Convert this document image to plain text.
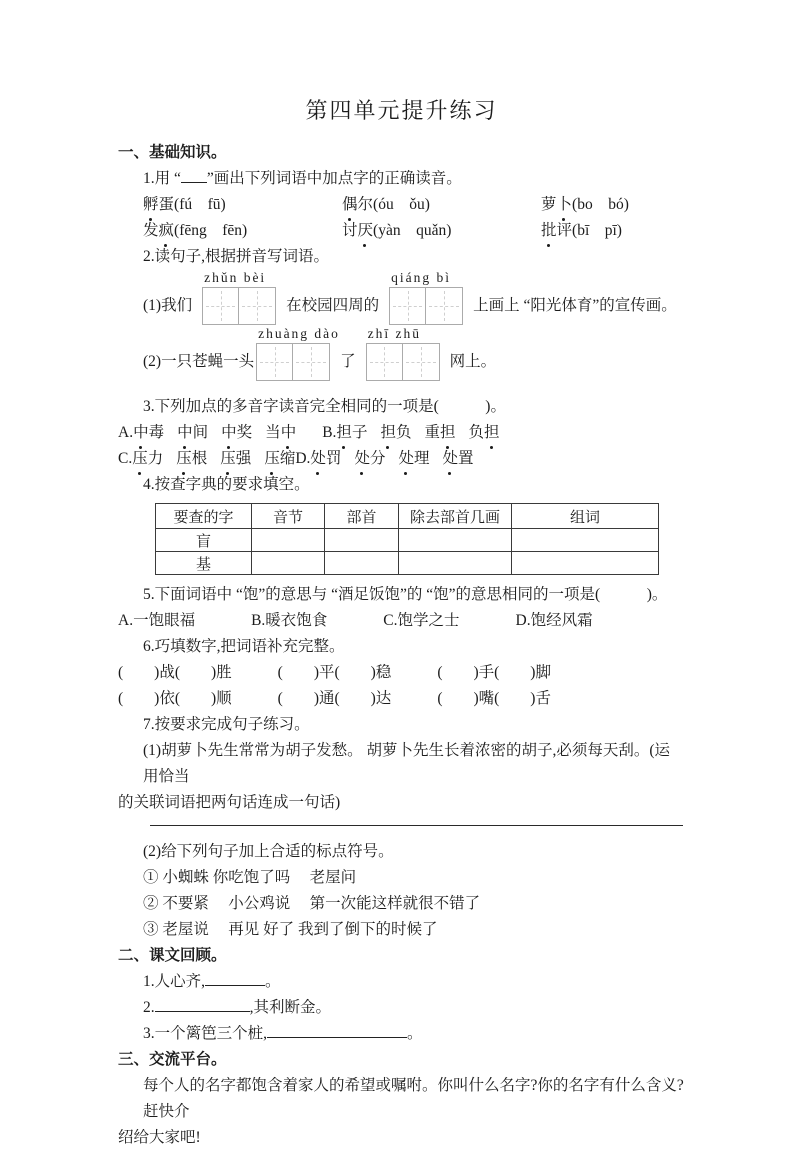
第四单元提升练习
一、基础知识。
1.用 “ ”画出下列词语中加点字的正确读音。
孵蛋(fú　fū)	偶尔(óu　ǒu)	萝卜(bo　bó)
发疯(fēng　fēn)	讨厌(yàn　quǎn)	批评(bī　pī)
2.读句子,根据拼音写词语。
(1)我们
zhǔn bèi
在校园四周的
qiáng bì
上画上 “阳光体育”的宣传画。
(2)一只苍蝇一头
zhuàng dào
了
zhī zhū
网上。
3.下列加点的多音字读音完全相同的一项是(　　　)。
A.中毒 中间 中奖 当中 B.担子 担负 重担 负担
C.压力 压根 压强 压缩D.处罚 处分 处理 处置
4.按查字典的要求填空。
要查的字	音节	部首	除去部首几画	组词
盲				
基				
5.下面词语中 “饱”的意思与 “酒足饭饱”的 “饱”的意思相同的一项是(　　　)。
A.一饱眼福	B.暖衣饱食	C.饱学之士	D.饱经风霜
6.巧填数字,把词语补充完整。
(　　)战(　　)胜	(　　)平(　　)稳	(　　)手(　　)脚
(　　)依(　　)顺	(　　)通(　　)达	(　　)嘴(　　)舌
7.按要求完成句子练习。
(1)胡萝卜先生常常为胡子发愁。 胡萝卜先生长着浓密的胡子,必须每天刮。(运用恰当
的关联词语把两句话连成一句话)
(2)给下列句子加上合适的标点符号。
① 小蜘蛛 你吃饱了吗　 老屋问
② 不要紧　 小公鸡说　 第一次能这样就很不错了
③ 老屋说　 再见 好了 我到了倒下的时候了
二、课文回顾。
1.人心齐,	。
2.	,其利断金。
3.一个篱笆三个桩,	。
三、交流平台。
每个人的名字都饱含着家人的希望或嘱咐。你叫什么名字?你的名字有什么含义?赶快介
绍给大家吧!
